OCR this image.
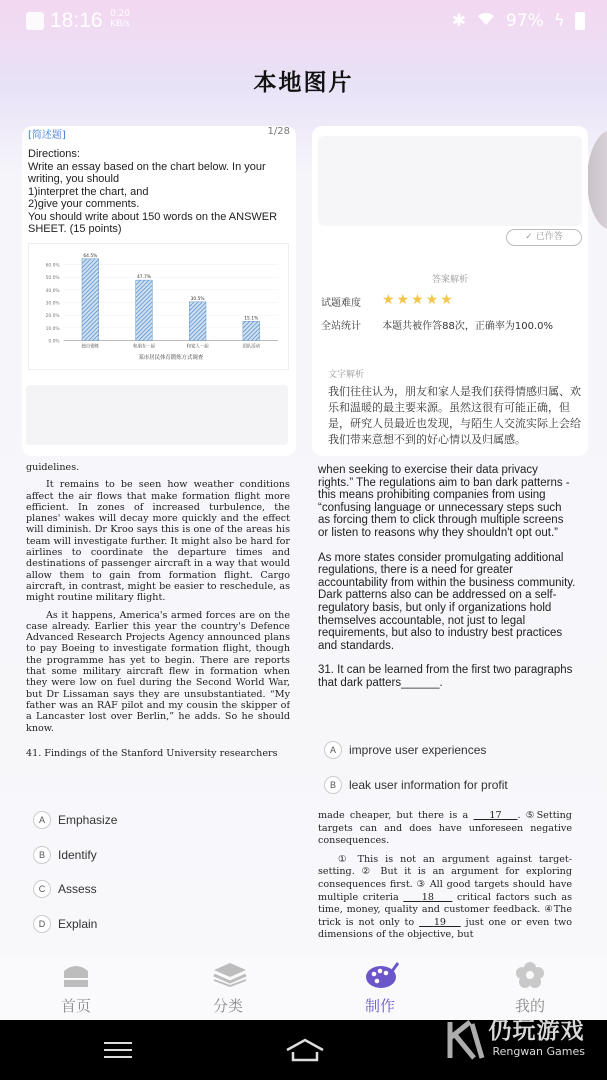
18:16 0.20
KB/s	✱ 97% ϟ
本地图片
[简述题]	1/28
Directions:
Write an essay based on the chart below. In your writing, you should
1)interpret the chart, and
2)give your comments.
You should write about 150 words on the ANSWER SHEET. (15 points)
0.0%
10.0%
20.0%
30.0%
40.0%
50.0%
60.0%
64.5%
独自锻炼
47.7%
和朋友一起
30.5%
和家人一起
15.1%
团队活动
某市居民体育锻炼方式调查
✓ 已作答
答案解析
试题难度	★★★★★
全站统计 本题共被作答88次，正确率为100.0%
文字解析
我们往往认为，朋友和家人是我们获得情感归属、欢乐和温暖的最主要来源。虽然这很有可能正确，但是，研究人员最近也发现，与陌生人交流实际上会给我们带来意想不到的好心情以及归属感。

guidelines.

It remains to be seen how weather conditions affect the air flows that make formation flight more efficient. In zones of increased turbulence, the planes' wakes will decay more quickly and the effect will diminish. Dr Kroo says this is one of the areas his team will investigate further. It might also be hard for airlines to coordinate the departure times and destinations of passenger aircraft in a way that would allow them to gain from formation flight. Cargo aircraft, in contrast, might be easier to reschedule, as might routine military flight.

As it happens, America's armed forces are on the case already. Earlier this year the country's Defence Advanced Research Projects Agency announced plans to pay Boeing to investigate formation flight, though the programme has yet to begin. There are reports that some military aircraft flew in formation when they were low on fuel during the Second World War, but Dr Lissaman says they are unsubstantiated. “My father was an RAF pilot and my cousin the skipper of a Lancaster lost over Berlin,” he adds. So he should know.

41. Findings of the Stanford University researchers

A	Emphasize
B	Identify
C	Assess
D	Explain

when seeking to exercise their data privacy rights.” The regulations aim to ban dark patterns - this means prohibiting companies from using “confusing language or unnecessary steps such as forcing them to click through multiple screens or listen to reasons why they shouldn't opt out.”

As more states consider promulgating additional regulations, there is a need for greater accountability from within the business community. Dark patterns also can be addressed on a self-regulatory basis, but only if organizations hold themselves accountable, not just to legal requirements, but also to industry best practices and standards.

31. It can be learned from the first two paragraphs that dark patters______.

A	improve user experiences
B	leak user information for profit

made cheaper, but there is a 17 . ⑤Setting targets can and does have unforeseen negative consequences.

① This is not an argument against target-setting. ② But it is an argument for exploring consequences first. ③ All good targets should have multiple criteria 18 critical factors such as time, money, quality and customer feedback. ④The trick is not only to 19 just one or even two dimensions of the objective, but

首页	分类	制作	我的
仍玩游戏
Rengwan Games
